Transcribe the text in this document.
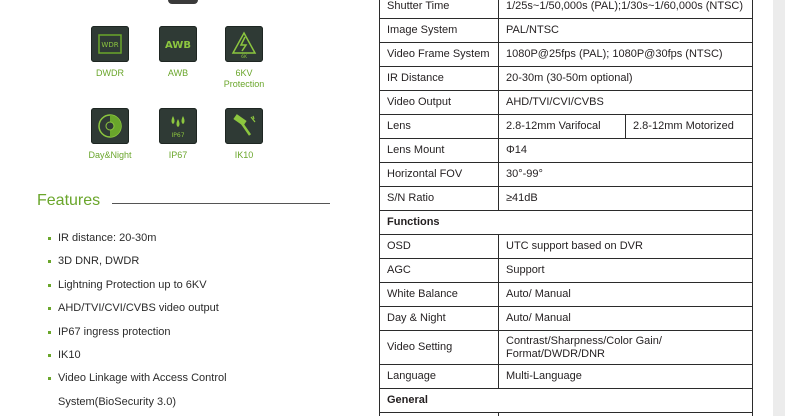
WDR
DWDR
AWB
AWB
6K
6KV
Protection
Day&Night
IP67
IP67	IK10
Features
IR distance: 20-30m
3D DNR, DWDR
Lightning Protection up to 6KV
AHD/TVI/CVI/CVBS video output
IP67 ingress protection
IK10
Video Linkage with Access Control
System(BioSecurity 3.0)
Shutter Time	1/25s~1/50,000s (PAL);1/30s~1/60,000s (NTSC)	
Image System	PAL/NTSC	
Video Frame System	1080P@25fps (PAL); 1080P@30fps (NTSC)	
IR Distance	20-30m (30-50m optional)	
Video Output	AHD/TVI/CVI/CVBS	
Lens	2.8-12mm Varifocal	2.8-12mm Motorized
Lens Mount	Φ14	
Horizontal FOV	30°-99°	
S/N Ratio	≥41dB	
Functions		
OSD	UTC support based on DVR	
AGC	Support	
White Balance	Auto/ Manual	
Day & Night	Auto/ Manual	
Video Setting	Contrast/Sharpness/Color Gain/
Format/DWDR/DNR	
Language	Multi-Language	
General		
